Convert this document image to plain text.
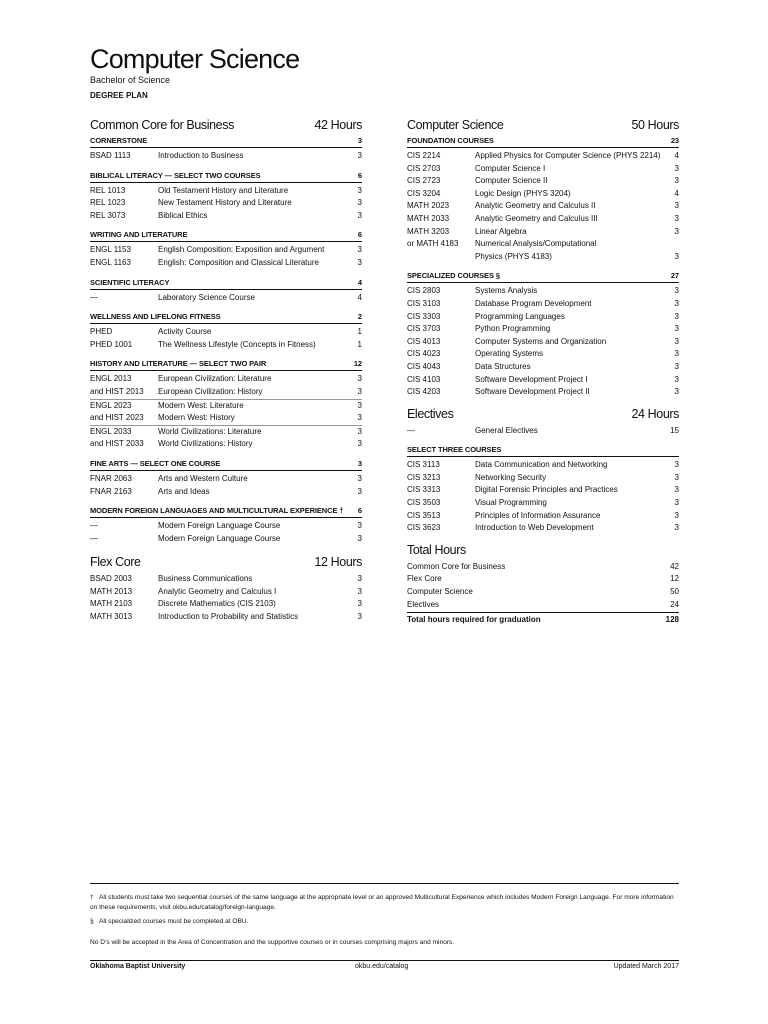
Computer Science
Bachelor of Science
DEGREE PLAN
Common Core for Business	42 Hours
CORNERSTONE	3
BSAD 1113	Introduction to Business	3
BIBLICAL LITERACY — SELECT TWO COURSES	6
REL 1013	Old Testament History and Literature	3
REL 1023	New Testament History and Literature	3
REL 3073	Biblical Ethics	3
WRITING AND LITERATURE	6
ENGL 1153	English Composition: Exposition and Argument	3
ENGL 1163	English: Composition and Classical Literature	3
SCIENTIFIC LITERACY	4
—	Laboratory Science Course	4
WELLNESS AND LIFELONG FITNESS	2
PHED	Activity Course	1
PHED 1001	The Wellness Lifestyle (Concepts in Fitness)	1
HISTORY AND LITERATURE — SELECT TWO PAIR	12
ENGL 2013	European Civilization: Literature	3
and HIST 2013	European Civilization: History	3
ENGL 2023	Modern West: Literature	3
and HIST 2023	Modern West: History	3
ENGL 2033	World Civilizations: Literature	3
and HIST 2033	World Civilizations: History	3
FINE ARTS — SELECT ONE COURSE	3
FNAR 2063	Arts and Western Culture	3
FNAR 2163	Arts and Ideas	3
MODERN FOREIGN LANGUAGES AND MULTICULTURAL EXPERIENCE † 6
—	Modern Foreign Language Course	3
—	Modern Foreign Language Course	3
Flex Core	12 Hours
BSAD 2003	Business Communications	3
MATH 2013	Analytic Geometry and Calculus I	3
MATH 2103	Discrete Mathematics (CIS 2103)	3
MATH 3013	Introduction to Probability and Statistics	3
Computer Science	50 Hours
FOUNDATION COURSES	23
CIS 2214	Applied Physics for Computer Science (PHYS 2214)	4
CIS 2703	Computer Science I	3
CIS 2723	Computer Science II	3
CIS 3204	Logic Design (PHYS 3204)	4
MATH 2023	Analytic Geometry and Calculus II	3
MATH 2033	Analytic Geometry and Calculus III	3
MATH 3203	Linear Algebra	3
or MATH 4183	Numerical Analysis/Computational
Physics (PHYS 4183)	3
SPECIALIZED COURSES §	27
CIS 2803	Systems Analysis	3
CIS 3103	Database Program Development	3
CIS 3303	Programming Languages	3
CIS 3703	Python Programming	3
CIS 4013	Computer Systems and Organization	3
CIS 4023	Operating Systems	3
CIS 4043	Data Structures	3
CIS 4103	Software Development Project I	3
CIS 4203	Software Development Project II	3
Electives	24 Hours
—	General Electives	15
SELECT THREE COURSES
CIS 3113	Data Communication and Networking	3
CIS 3213	Networking Security	3
CIS 3313	Digital Forensic Principles and Practices	3
CIS 3503	Visual Programming	3
CIS 3513	Principles of Information Assurance	3
CIS 3623	Introduction to Web Development	3
Total Hours
Common Core for Business	42
Flex Core	12
Computer Science	50
Electives	24
Total hours required for graduation	128
† All students must take two sequential courses of the same language at the appropriate level or an approved Multicultural Experience which includes Modern Foreign Language. For more information on these requirements, visit okbu.edu/catalog/foreign-language.
§ All specialized courses must be completed at OBU.
No D’s will be accepted in the Area of Concentration and the supportive courses or in courses comprising majors and minors.
Oklahoma Baptist University	okbu.edu/catalog	Updated March 2017
